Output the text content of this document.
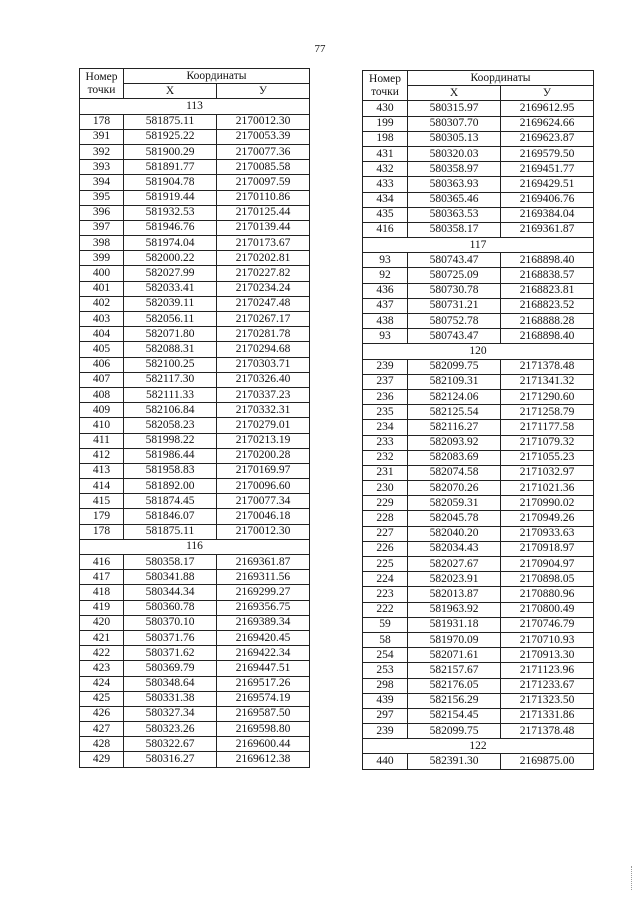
77
Номер точки	Координаты	
	Х	У
113		
178	581875.11	2170012.30
391	581925.22	2170053.39
392	581900.29	2170077.36
393	581891.77	2170085.58
394	581904.78	2170097.59
395	581919.44	2170110.86
396	581932.53	2170125.44
397	581946.76	2170139.44
398	581974.04	2170173.67
399	582000.22	2170202.81
400	582027.99	2170227.82
401	582033.41	2170234.24
402	582039.11	2170247.48
403	582056.11	2170267.17
404	582071.80	2170281.78
405	582088.31	2170294.68
406	582100.25	2170303.71
407	582117.30	2170326.40
408	582111.33	2170337.23
409	582106.84	2170332.31
410	582058.23	2170279.01
411	581998.22	2170213.19
412	581986.44	2170200.28
413	581958.83	2170169.97
414	581892.00	2170096.60
415	581874.45	2170077.34
179	581846.07	2170046.18
178	581875.11	2170012.30
116		
416	580358.17	2169361.87
417	580341.88	2169311.56
418	580344.34	2169299.27
419	580360.78	2169356.75
420	580370.10	2169389.34
421	580371.76	2169420.45
422	580371.62	2169422.34
423	580369.79	2169447.51
424	580348.64	2169517.26
425	580331.38	2169574.19
426	580327.34	2169587.50
427	580323.26	2169598.80
428	580322.67	2169600.44
429	580316.27	2169612.38
Номер точки	Координаты	
	Х	У
430	580315.97	2169612.95
199	580307.70	2169624.66
198	580305.13	2169623.87
431	580320.03	2169579.50
432	580358.97	2169451.77
433	580363.93	2169429.51
434	580365.46	2169406.76
435	580363.53	2169384.04
416	580358.17	2169361.87
117		
93	580743.47	2168898.40
92	580725.09	2168838.57
436	580730.78	2168823.81
437	580731.21	2168823.52
438	580752.78	2168888.28
93	580743.47	2168898.40
120		
239	582099.75	2171378.48
237	582109.31	2171341.32
236	582124.06	2171290.60
235	582125.54	2171258.79
234	582116.27	2171177.58
233	582093.92	2171079.32
232	582083.69	2171055.23
231	582074.58	2171032.97
230	582070.26	2171021.36
229	582059.31	2170990.02
228	582045.78	2170949.26
227	582040.20	2170933.63
226	582034.43	2170918.97
225	582027.67	2170904.97
224	582023.91	2170898.05
223	582013.87	2170880.96
222	581963.92	2170800.49
59	581931.18	2170746.79
58	581970.09	2170710.93
254	582071.61	2170913.30
253	582157.67	2171123.96
298	582176.05	2171233.67
439	582156.29	2171323.50
297	582154.45	2171331.86
239	582099.75	2171378.48
122		
440	582391.30	2169875.00
